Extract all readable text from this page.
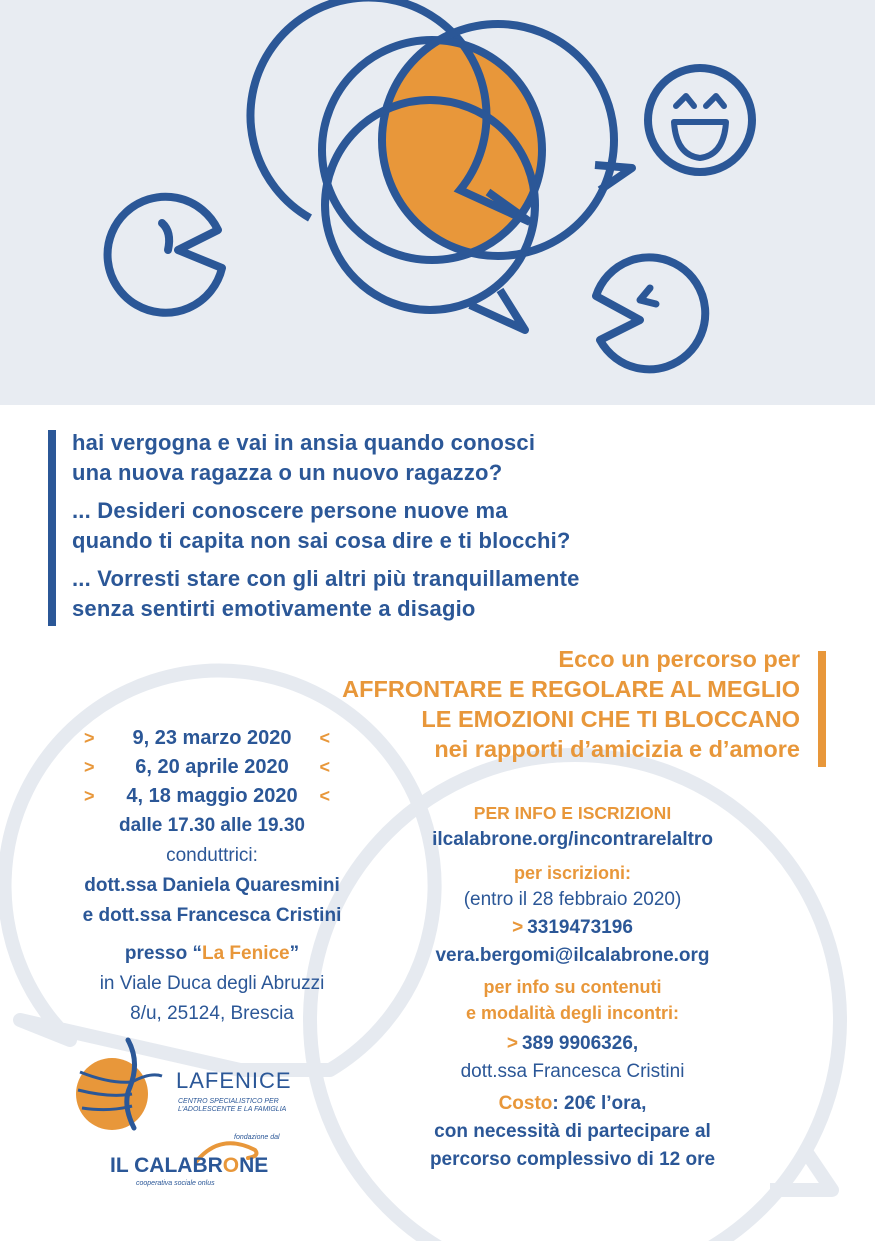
hai vergogna e vai in ansia quando conosci
una nuova ragazza o un nuovo ragazzo?
... Desideri conoscere persone nuove ma
quando ti capita non sai cosa dire e ti blocchi?
... Vorresti stare con gli altri più tranquillamente
senza sentirti emotivamente a disagio
Ecco un percorso per
AFFRONTARE E REGOLARE AL MEGLIO
LE EMOZIONI CHE TI BLOCCANO
nei rapporti d’amicizia e d’amore
> 9, 23 marzo 2020 <
> 6, 20 aprile 2020 <
> 4, 18 maggio 2020 <
dalle 17.30 alle 19.30
conduttrici:
dott.ssa Daniela Quaresmini
e dott.ssa Francesca Cristini
presso “La Fenice”
in Viale Duca degli Abruzzi
8/u, 25124, Brescia
PER INFO E ISCRIZIONI
ilcalabrone.org/incontrarelaltro
per iscrizioni:
(entro il 28 febbraio 2020)
> 3319473196
vera.bergomi@ilcalabrone.org
per info su contenuti
e modalità degli incontri:
> 389 9906326,
dott.ssa Francesca Cristini
Costo: 20€ l’ora,
con necessità di partecipare al
percorso complessivo di 12 ore
LAFENICE
CENTRO SPECIALISTICO PER L'ADOLESCENTE E LA FAMIGLIA
fondazione dal
IL CALABRONE
cooperativa sociale onlus
